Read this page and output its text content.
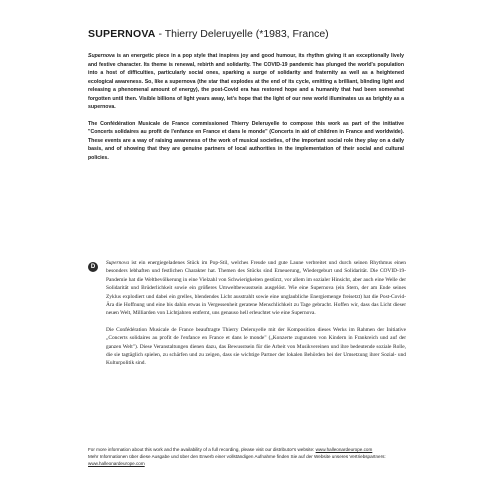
SUPERNOVA - Thierry Deleruyelle (*1983, France)

Supernova is an energetic piece in a pop style that inspires joy and good humour, its rhythm giving it an exceptionally lively and festive character. Its theme is renewal, rebirth and solidarity. The COVID-19 pandemic has plunged the world's population into a host of difficulties, particularly social ones, sparking a surge of solidarity and fraternity as well as a heightened ecological awareness. So, like a supernova (the star that explodes at the end of its cycle, emitting a brilliant, blinding light and releasing a phenomenal amount of energy), the post-Covid era has restored hope and a humanity that had been somewhat forgotten until then. Visible billions of light years away, let's hope that the light of our new world illuminates us as brightly as a supernova.

The Confédération Musicale de France commissioned Thierry Deleruyelle to compose this work as part of the initiative "Concerts solidaires au profit de l'enfance en France et dans le monde" (Concerts in aid of children in France and worldwide). These events are a way of raising awareness of the work of musical societies, of the important social role they play on a daily basis, and of showing that they are genuine partners of local authorities in the implementation of their social and cultural policies.

D

Supernova ist ein energiegeladenes Stück im Pop-Stil, welches Freude und gute Laune verbreitet und durch seinen Rhythmus einen besonders lebhaften und festlichen Charakter hat. Themen des Stücks sind Erneuerung, Wiedergeburt und Solidarität. Die COVID-19-Pandemie hat die Weltbevölkerung in eine Vielzahl von Schwierigkeiten gestürzt, vor allem im sozialer Hinsicht, aber auch eine Welle der Solidarität und Brüderlichkeit sowie ein größeres Umweltbewusstsein ausgelöst. Wie eine Supernova (ein Stern, der am Ende seines Zyklus explodiert und dabei ein grelles, blendendes Licht ausstrahlt sowie eine unglaubliche Energiemenge freisetzt) hat die Post-Covid-Ära die Hoffnung und eine bis dahin etwas in Vergessenheit geratene Menschlichkeit zu Tage gebracht. Hoffen wir, dass das Licht dieser neuen Welt, Milliarden von Lichtjahren entfernt, uns genauso hell erleuchtet wie eine Supernova.

Die Confédération Musicale de France beauftragte Thierry Deleruyelle mit der Komposition dieses Werks im Rahmen der Initiative „Concerts solidaires au profit de l'enfance en France et dans le monde" („Konzerte zugunsten von Kindern in Frankreich und auf der ganzen Welt"). Diese Veranstaltungen dienen dazu, das Bewusstsein für die Arbeit von Musikvereinen und ihre bedeutende soziale Rolle, die sie tagtäglich spielen, zu schärfen und zu zeigen, dass sie wichtige Partner der lokalen Behörden bei der Umsetzung ihrer Sozial- und Kulturpolitik sind.

For more information about this work and the availability of a full recording, please visit our distributor's website: www.halleonardeurope.com
Mehr Informationen über diese Ausgabe und über den Erwerb einer vollständigen Aufnahme finden Sie auf der Website unseres Vertriebspartners:
www.halleonardeurope.com
